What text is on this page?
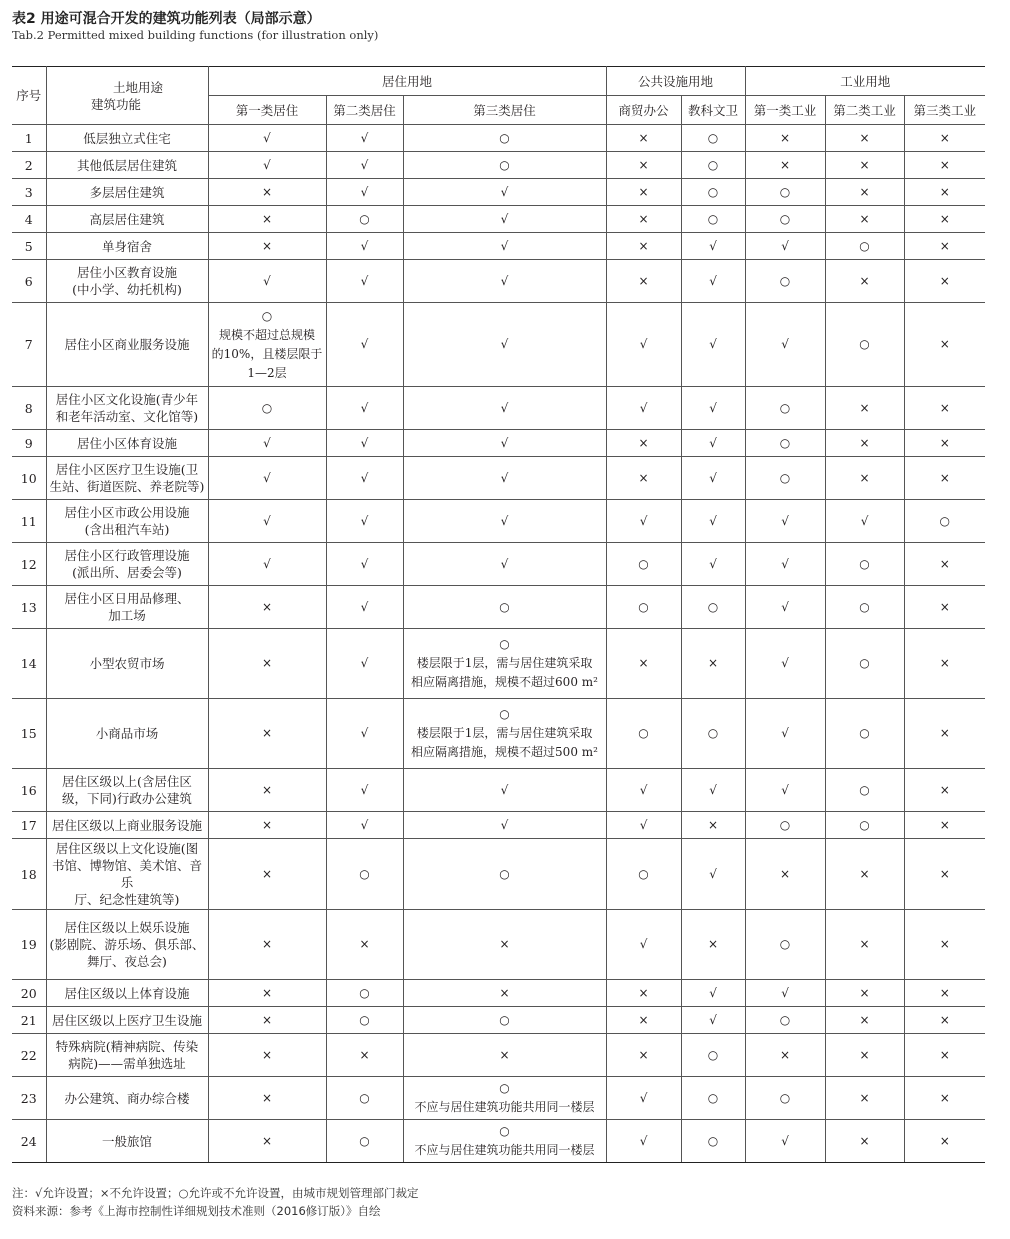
表2 用途可混合开发的建筑功能列表（局部示意）
Tab.2 Permitted mixed building functions (for illustration only)
序号	土地用途
建筑功能	居住用地			公共设施用地		工业用地		
		第一类居住	第二类居住	第三类居住	商贸办公	教科文卫	第一类工业	第二类工业	第三类工业
1	低层独立式住宅	√	√	○	×	○	×	×	×
2	其他低层居住建筑	√	√	○	×	○	×	×	×
3	多层居住建筑	×	√	√	×	○	○	×	×
4	高层居住建筑	×	○	√	×	○	○	×	×
5	单身宿舍	×	√	√	×	√	√	○	×
6	居住小区教育设施
(中小学、幼托机构)	√	√	√	×	√	○	×	×
7	居住小区商业服务设施	○
规模不超过总规模
的10%，且楼层限于
1—2层	√	√	√	√	√	○	×
8	居住小区文化设施(青少年
和老年活动室、文化馆等)	○	√	√	√	√	○	×	×
9	居住小区体育设施	√	√	√	×	√	○	×	×
10	居住小区医疗卫生设施(卫
生站、街道医院、养老院等)	√	√	√	×	√	○	×	×
11	居住小区市政公用设施
(含出租汽车站)	√	√	√	√	√	√	√	○
12	居住小区行政管理设施
(派出所、居委会等)	√	√	√	○	√	√	○	×
13	居住小区日用品修理、
加工场	×	√	○	○	○	√	○	×
14	小型农贸市场	×	√	○
楼层限于1层，需与居住建筑采取
相应隔离措施，规模不超过600 m²	×	×	√	○	×
15	小商品市场	×	√	○
楼层限于1层，需与居住建筑采取
相应隔离措施，规模不超过500 m²	○	○	√	○	×
16	居住区级以上(含居住区
级，下同)行政办公建筑	×	√	√	√	√	√	○	×
17	居住区级以上商业服务设施	×	√	√	√	×	○	○	×
18	居住区级以上文化设施(图
书馆、博物馆、美术馆、音乐
厅、纪念性建筑等)	×	○	○	○	√	×	×	×
19	居住区级以上娱乐设施
(影剧院、游乐场、俱乐部、
舞厅、夜总会)	×	×	×	√	×	○	×	×
20	居住区级以上体育设施	×	○	×	×	√	√	×	×
21	居住区级以上医疗卫生设施	×	○	○	×	√	○	×	×
22	特殊病院(精神病院、传染
病院)——需单独选址	×	×	×	×	○	×	×	×
23	办公建筑、商办综合楼	×	○	○
不应与居住建筑功能共用同一楼层	√	○	○	×	×
24	一般旅馆	×	○	○
不应与居住建筑功能共用同一楼层	√	○	√	×	×
注：√允许设置；×不允许设置；○允许或不允许设置，由城市规划管理部门裁定
资料来源：参考《上海市控制性详细规划技术准则（2016修订版）》自绘
